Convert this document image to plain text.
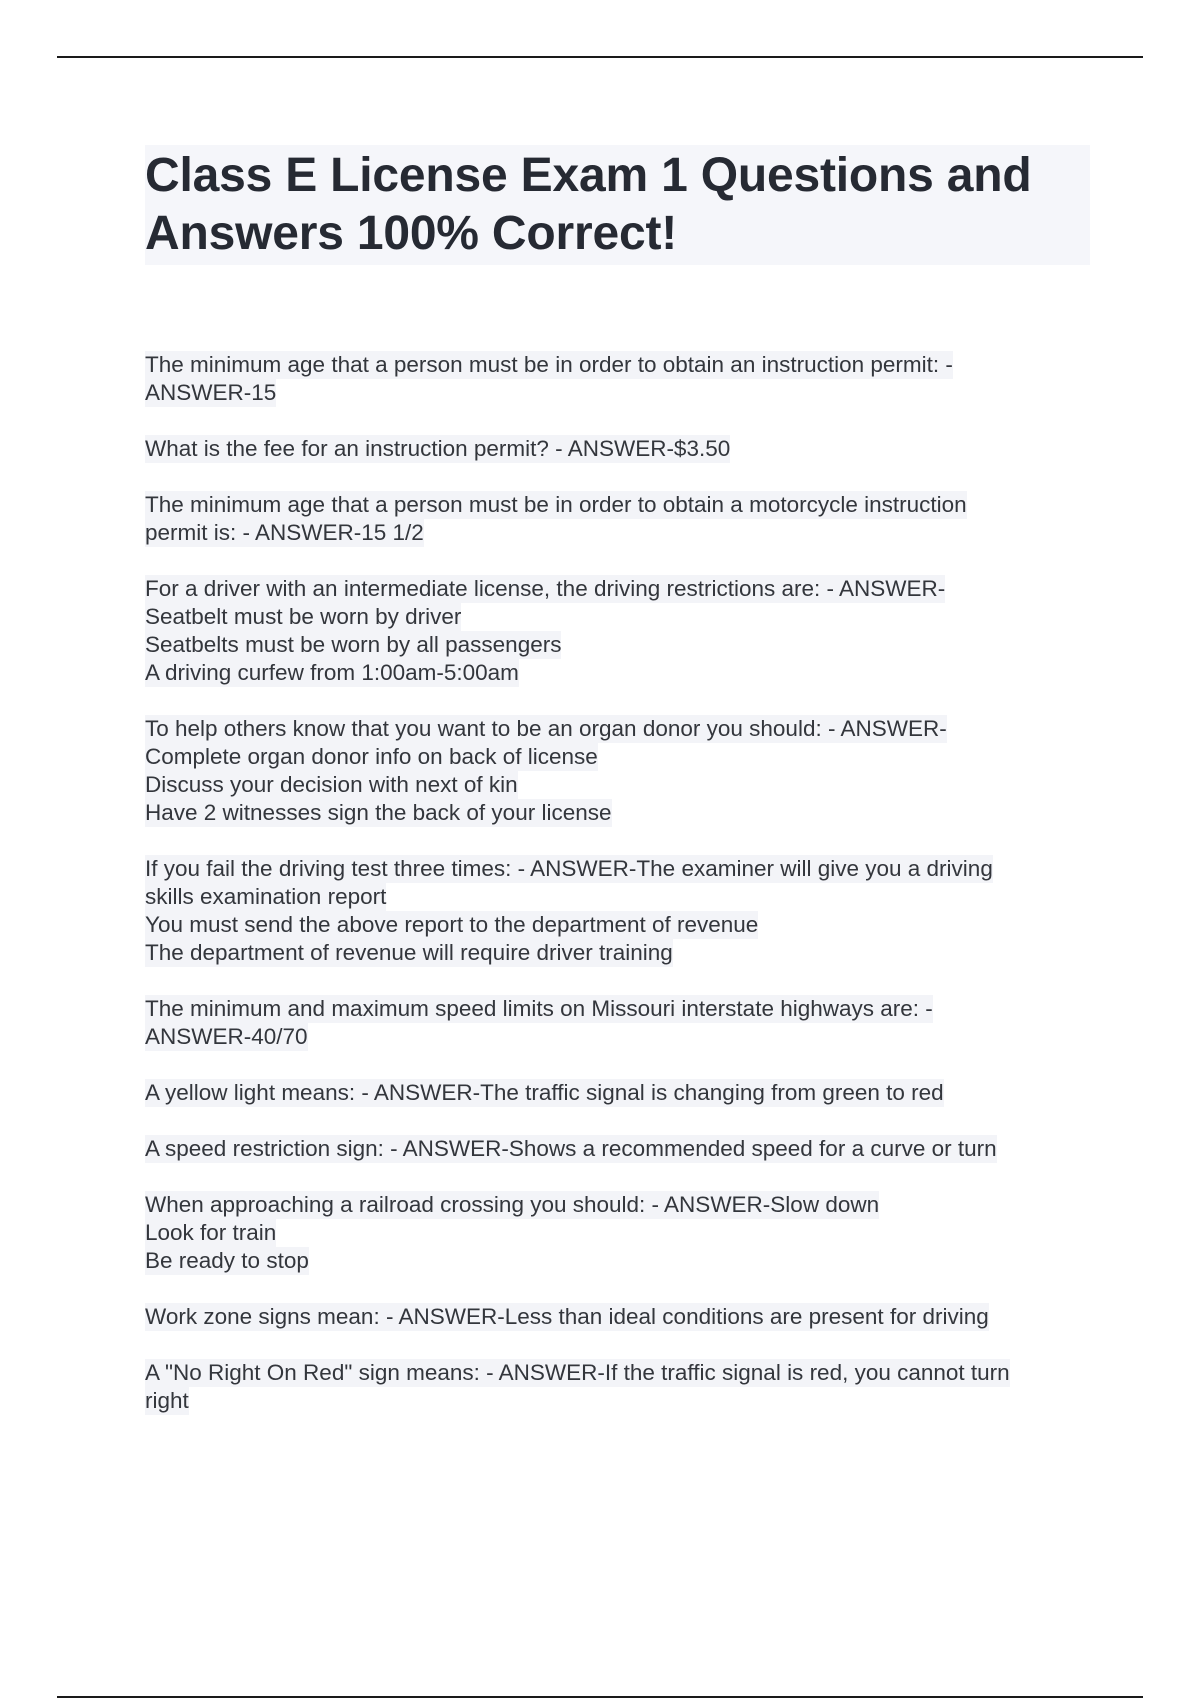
Class E License Exam 1 Questions and
Answers 100% Correct!
The minimum age that a person must be in order to obtain an instruction permit: -
ANSWER-15
What is the fee for an instruction permit? - ANSWER-$3.50
The minimum age that a person must be in order to obtain a motorcycle instruction
permit is: - ANSWER-15 1/2
For a driver with an intermediate license, the driving restrictions are: - ANSWER-
Seatbelt must be worn by driver
Seatbelts must be worn by all passengers
A driving curfew from 1:00am-5:00am
To help others know that you want to be an organ donor you should: - ANSWER-
Complete organ donor info on back of license
Discuss your decision with next of kin
Have 2 witnesses sign the back of your license
If you fail the driving test three times: - ANSWER-The examiner will give you a driving
skills examination report
You must send the above report to the department of revenue
The department of revenue will require driver training
The minimum and maximum speed limits on Missouri interstate highways are: -
ANSWER-40/70
A yellow light means: - ANSWER-The traffic signal is changing from green to red
A speed restriction sign: - ANSWER-Shows a recommended speed for a curve or turn
When approaching a railroad crossing you should: - ANSWER-Slow down
Look for train
Be ready to stop
Work zone signs mean: - ANSWER-Less than ideal conditions are present for driving
A "No Right On Red" sign means: - ANSWER-If the traffic signal is red, you cannot turn
right
